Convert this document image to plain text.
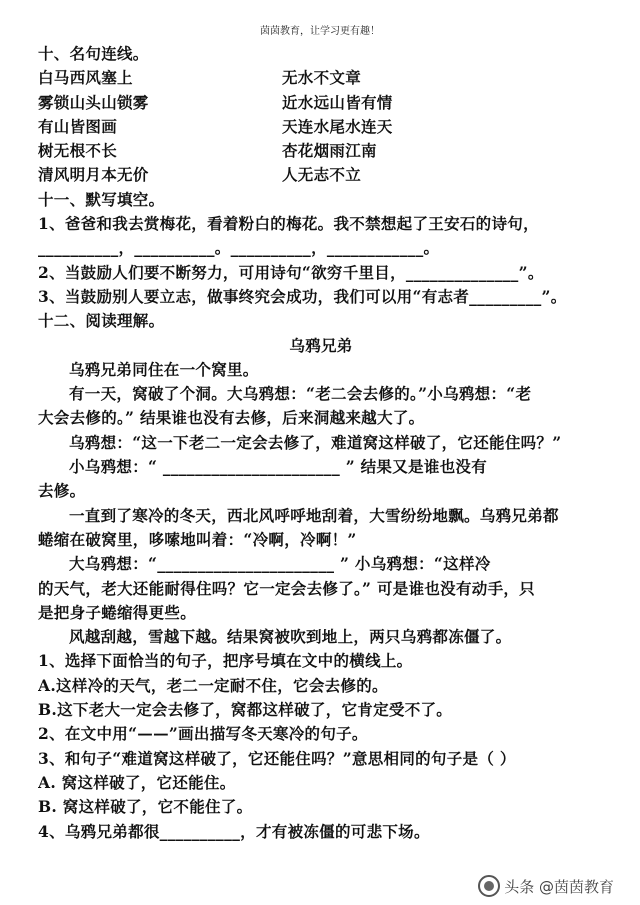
茵茵教育，让学习更有趣！
十、名句连线。
白马西风塞上	无水不文章
雾锁山头山锁雾	近水远山皆有情
有山皆图画	天连水尾水连天
树无根不长	杏花烟雨江南
清风明月本无价	人无志不立
十一、默写填空。
1、爸爸和我去赏梅花，看着粉白的梅花。我不禁想起了王安石的诗句，
__________，__________。__________，____________。
2、当鼓励人们要不断努力，可用诗句“欲穷千里目，______________”。
3、当鼓励别人要立志，做事终究会成功，我们可以用“有志者_________”。
十二、阅读理解。
乌鸦兄弟
乌鸦兄弟同住在一个窝里。
有一天，窝破了个洞。大乌鸦想：“老二会去修的。”小乌鸦想：“老
大会去修的。” 结果谁也没有去修，后来洞越来越大了。
乌鸦想：“这一下老二一定会去修了，难道窝这样破了，它还能住吗？”
小乌鸦想：“ ______________________ ” 结果又是谁也没有
去修。
一直到了寒冷的冬天，西北风呼呼地刮着，大雪纷纷地飘。乌鸦兄弟都
蜷缩在破窝里，哆嗦地叫着：“冷啊，冷啊！”
大乌鸦想：“______________________ ” 小乌鸦想：“这样冷
的天气，老大还能耐得住吗？它一定会去修了。” 可是谁也没有动手，只
是把身子蜷缩得更些。
风越刮越，雪越下越。结果窝被吹到地上，两只乌鸦都冻僵了。
1、选择下面恰当的句子，把序号填在文中的横线上。
A.这样冷的天气，老二一定耐不住，它会去修的。
B.这下老大一定会去修了，窝都这样破了，它肯定受不了。
2、在文中用“——”画出描写冬天寒冷的句子。
3、和句子“难道窝这样破了，它还能住吗？”意思相同的句子是（ ）
A. 窝这样破了，它还能住。
B. 窝这样破了，它不能住了。
4、乌鸦兄弟都很__________，才有被冻僵的可悲下场。
头条 @茵茵教育
